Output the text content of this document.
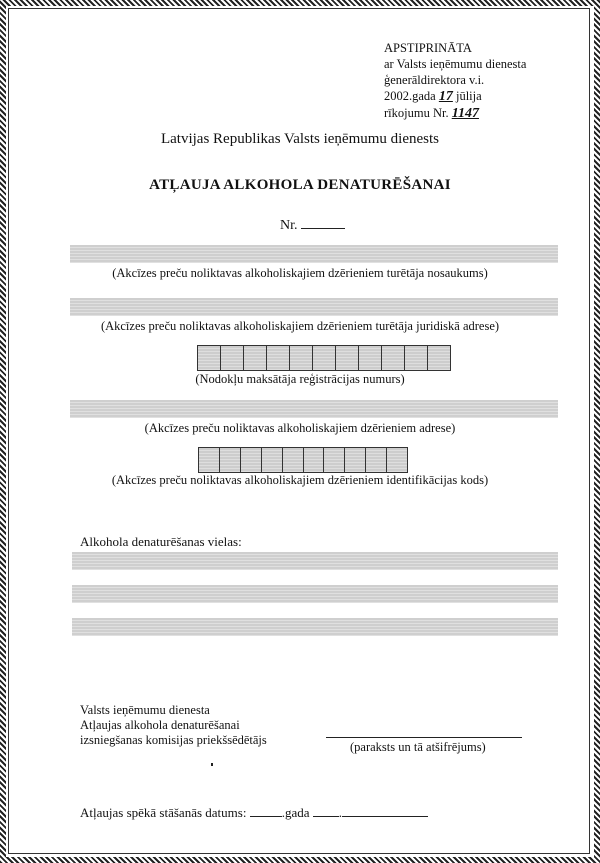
APSTIPRINĀTA
ar Valsts ieņēmumu dienesta
ģenerāldirektora v.i.
2002.gada 17 jūlija
rīkojumu Nr. 1147
Latvijas Republikas Valsts ieņēmumu dienests
ATĻAUJA ALKOHOLA DENATURĒŠANAI
Nr.
(Akcīzes preču noliktavas alkoholiskajiem dzērieniem turētāja nosaukums)
(Akcīzes preču noliktavas alkoholiskajiem dzērieniem turētāja juridiskā adrese)
(Nodokļu maksātāja reģistrācijas numurs)
(Akcīzes preču noliktavas alkoholiskajiem dzērieniem adrese)
(Akcīzes preču noliktavas alkoholiskajiem dzērieniem identifikācijas kods)
Alkohola denaturēšanas vielas:
Valsts ieņēmumu dienesta
Atļaujas alkohola denaturēšanai
izsniegšanas komisijas priekšsēdētājs	(paraksts un tā atšifrējums)
Atļaujas spēkā stāšanās datums:	.gada .
